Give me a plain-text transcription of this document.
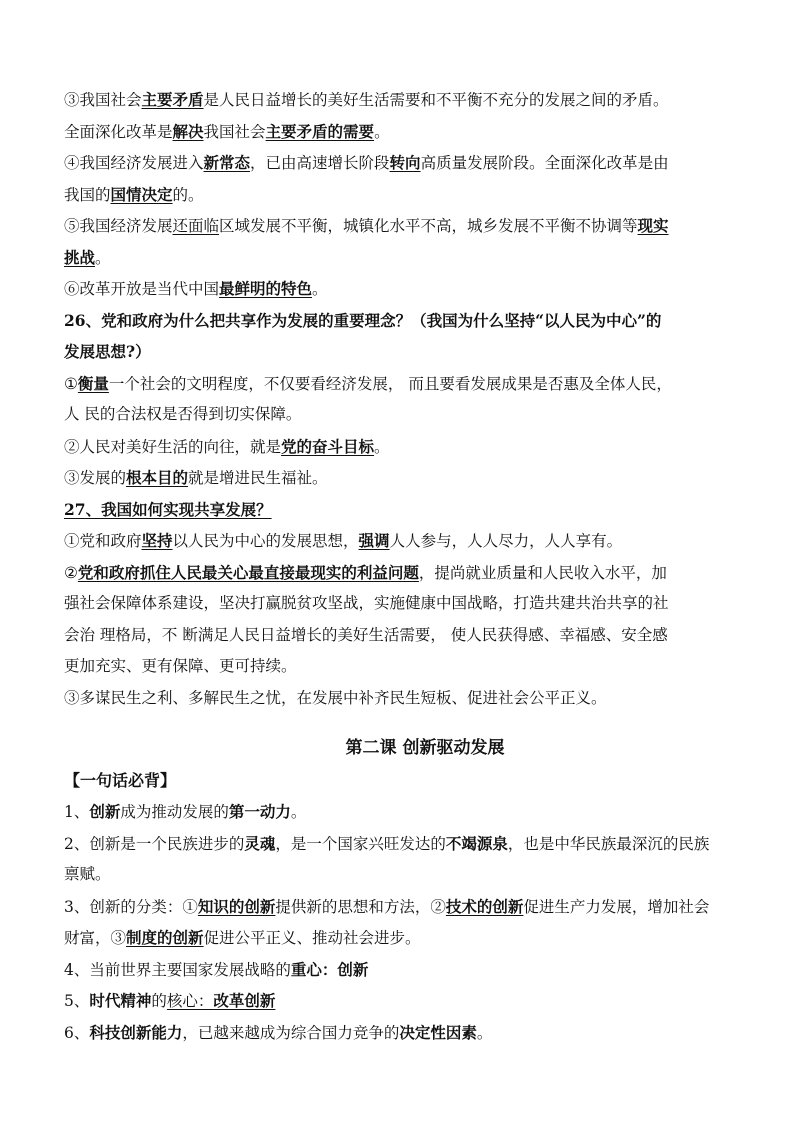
③我国社会主要矛盾是人民日益增长的美好生活需要和不平衡不充分的发展之间的矛盾。
全面深化改革是解决我国社会主要矛盾的需要。
④我国经济发展进入新常态，已由高速增长阶段转向高质量发展阶段。全面深化改革是由
我国的国情决定的。
⑤我国经济发展还面临区域发展不平衡，城镇化水平不高，城乡发展不平衡不协调等现实
挑战。
⑥改革开放是当代中国最鲜明的特色。
26、党和政府为什么把共享作为发展的重要理念？（我国为什么坚持“以人民为中心”的
发展思想?）
①衡量一个社会的文明程度，不仅要看经济发展， 而且要看发展成果是否惠及全体人民，
人 民的合法权是否得到切实保障。
②人民对美好生活的向往，就是党的奋斗目标。
③发展的根本目的就是增进民生福祉。
27、我国如何实现共享发展？
①党和政府坚持以人民为中心的发展思想，强调人人参与，人人尽力，人人享有。
②党和政府抓住人民最关心最直接最现实的利益问题，提尚就业质量和人民收入水平，加
强社会保障体系建设，坚决打赢脱贫攻坚战，实施健康中国战略，打造共建共治共享的社
会治 理格局，不 断满足人民日益增长的美好生活需要， 使人民获得感、幸福感、安全感
更加充实、更有保障、更可持续。
③多谋民生之利、多解民生之忧，在发展中补齐民生短板、促进社会公平正义。
第二课 创新驱动发展
【一句话必背】
1、创新成为推动发展的第一动力。
2、创新是一个民族进步的灵魂，是一个国家兴旺发达的不竭源泉，也是中华民族最深沉的民族
禀赋。
3、创新的分类：①知识的创新提供新的思想和方法，②技术的创新促进生产力发展，增加社会
财富，③制度的创新促进公平正义、推动社会进步。
4、当前世界主要国家发展战略的重心：创新
5、时代精神的核心：改革创新
6、科技创新能力，已越来越成为综合国力竞争的决定性因素。
